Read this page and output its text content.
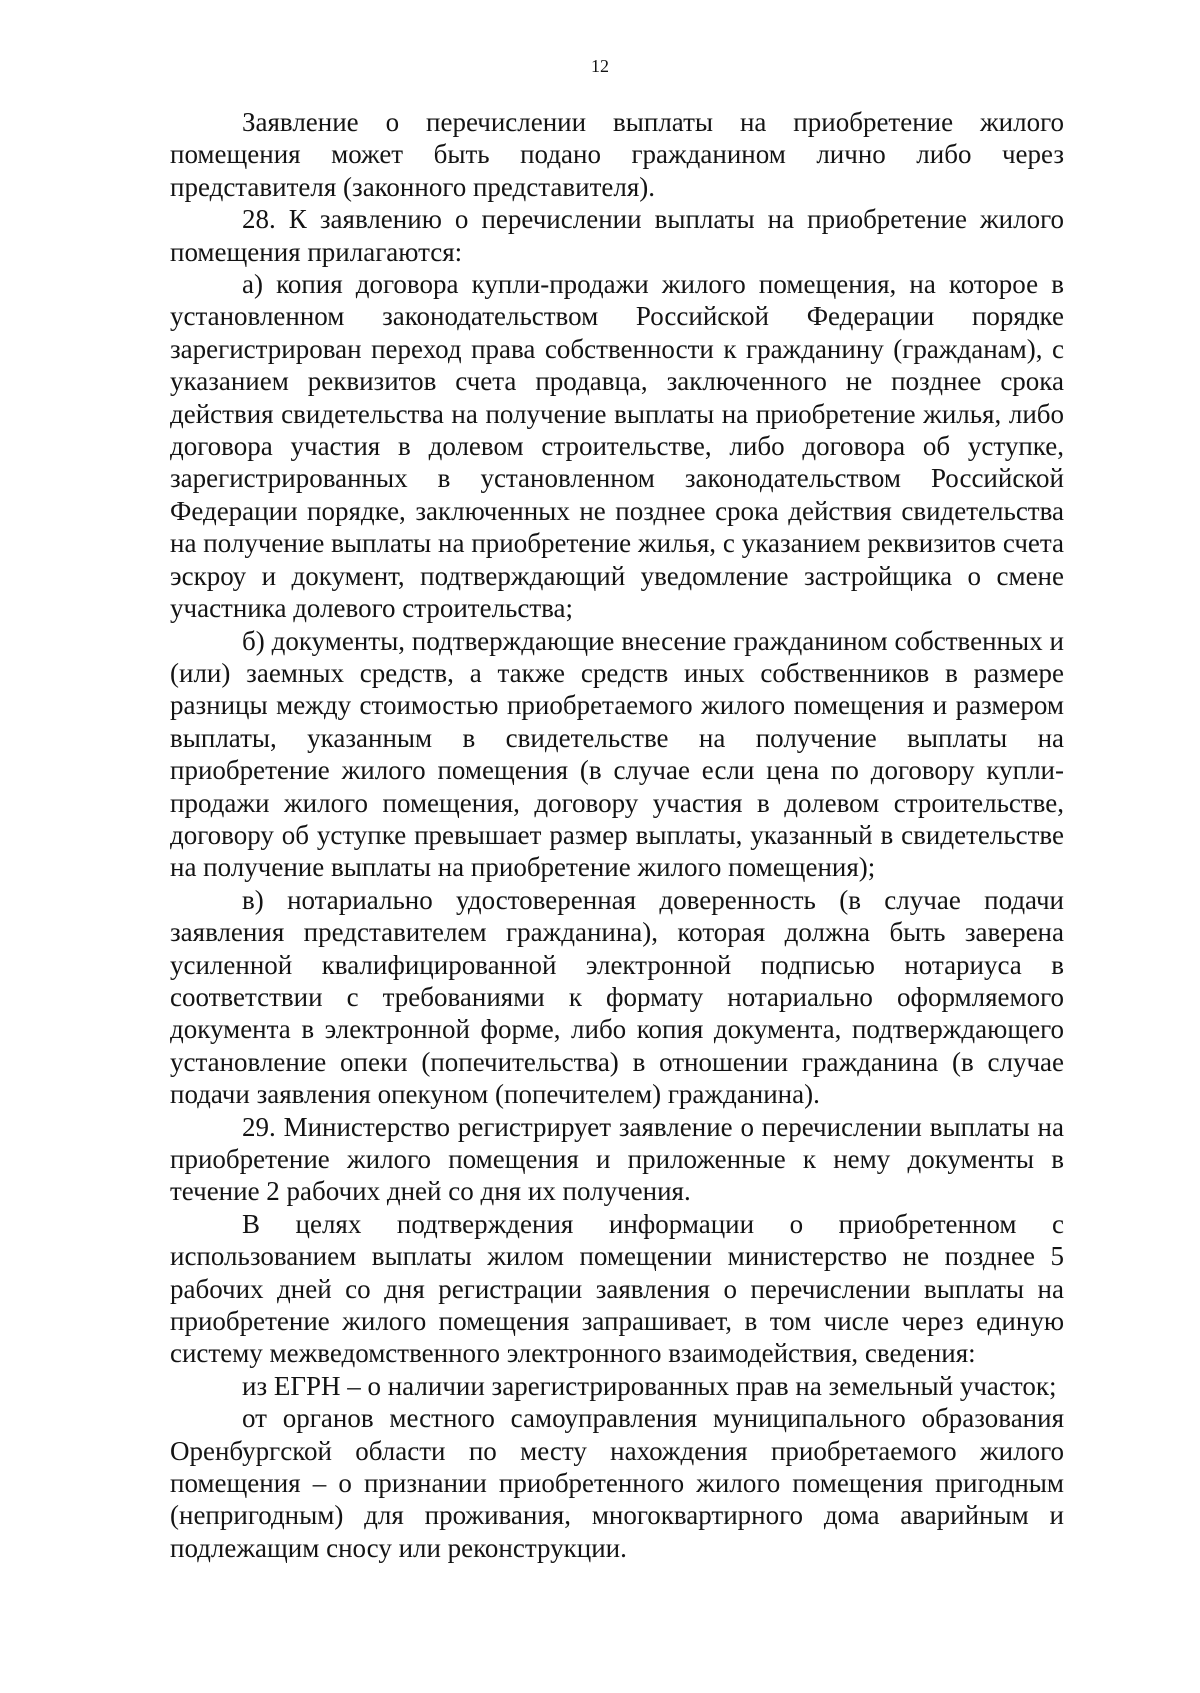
12

Заявление о перечислении выплаты на приобретение жилого помещения может быть подано гражданином лично либо через представителя (законного представителя).

28. К заявлению о перечислении выплаты на приобретение жилого помещения прилагаются:

а) копия договора купли-продажи жилого помещения, на которое в установленном законодательством Российской Федерации порядке зарегистрирован переход права собственности к гражданину (гражданам), с указанием реквизитов счета продавца, заключенного не позднее срока действия свидетельства на получение выплаты на приобретение жилья, либо договора участия в долевом строительстве, либо договора об уступке, зарегистрированных в установленном законодательством Российской Федерации порядке, заключенных не позднее срока действия свидетельства на получение выплаты на приобретение жилья, с указанием реквизитов счета эскроу и документ, подтверждающий уведомление застройщика о смене участника долевого строительства;

б) документы, подтверждающие внесение гражданином собственных и (или) заемных средств, а также средств иных собственников в размере разницы между стоимостью приобретаемого жилого помещения и размером выплаты, указанным в свидетельстве на получение выплаты на приобретение жилого помещения (в случае если цена по договору купли-продажи жилого помещения, договору участия в долевом строительстве, договору об уступке превышает размер выплаты, указанный в свидетельстве на получение выплаты на приобретение жилого помещения);

в) нотариально удостоверенная доверенность (в случае подачи заявления представителем гражданина), которая должна быть заверена усиленной квалифицированной электронной подписью нотариуса в соответствии с требованиями к формату нотариально оформляемого документа в электронной форме, либо копия документа, подтверждающего установление опеки (попечительства) в отношении гражданина (в случае подачи заявления опекуном (попечителем) гражданина).

29. Министерство регистрирует заявление о перечислении выплаты на приобретение жилого помещения и приложенные к нему документы в течение 2 рабочих дней со дня их получения.

В целях подтверждения информации о приобретенном с использованием выплаты жилом помещении министерство не позднее 5 рабочих дней со дня регистрации заявления о перечислении выплаты на приобретение жилого помещения запрашивает, в том числе через единую систему межведомственного электронного взаимодействия, сведения:

из ЕГРН – о наличии зарегистрированных прав на земельный участок;

от органов местного самоуправления муниципального образования Оренбургской области по месту нахождения приобретаемого жилого помещения – о признании приобретенного жилого помещения пригодным (непригодным) для проживания, многоквартирного дома аварийным и подлежащим сносу или реконструкции.
